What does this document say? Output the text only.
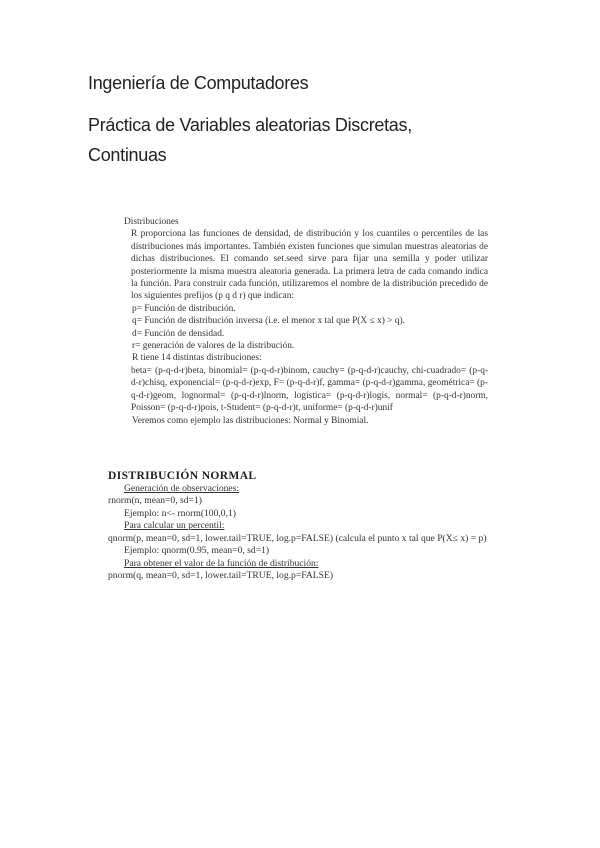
Ingeniería de Computadores
Práctica de Variables aleatorias Discretas,
Continuas

Distribuciones

R proporciona las funciones de densidad, de distribución y los cuantiles o percentiles de las distribuciones más importantes. También existen funciones que simulan muestras aleatorias de dichas distribuciones. El comando set.seed sirve para fijar una semilla y poder utilizar posteriormente la misma muestra aleatoria generada. La primera letra de cada comando indica la función. Para construir cada función, utilizaremos el nombre de la distribución precedido de los siguientes prefijos (p q d r) que indican:

p= Función de distribución.

q= Función de distribución inversa (i.e. el menor x tal que P(X ≤ x) > q).

d= Función de densidad.

r= generación de valores de la distribución.

R tiene 14 distintas distribuciones:

beta= (p-q-d-r)beta, binomial= (p-q-d-r)binom, cauchy= (p-q-d-r)cauchy, chi-cuadrado= (p-q-d-r)chisq, exponencial= (p-q-d-r)exp, F= (p-q-d-r)f, gamma= (p-q-d-r)gamma, geométrica= (p-q-d-r)geom, lognormal= (p-q-d-r)lnorm, logística= (p-q-d-r)logis, normal= (p-q-d-r)norm, Poisson= (p-q-d-r)pois, t-Student= (p-q-d-r)t, uniforme= (p-q-d-r)unif

Veremos como ejemplo las distribuciones: Normal y Binomial.

DISTRIBUCIÓN NORMAL

Generación de observaciones:

rnorm(n, mean=0, sd=1)

Ejemplo: n<- rnorm(100,0,1)

Para calcular un percentil:

qnorm(p, mean=0, sd=1, lower.tail=TRUE, log.p=FALSE) (calcula el punto x tal que P(X≤ x) = p)

Ejemplo: qnorm(0.95, mean=0, sd=1)

Para obtener el valor de la función de distribución:

pnorm(q, mean=0, sd=1, lower.tail=TRUE, log.p=FALSE)
